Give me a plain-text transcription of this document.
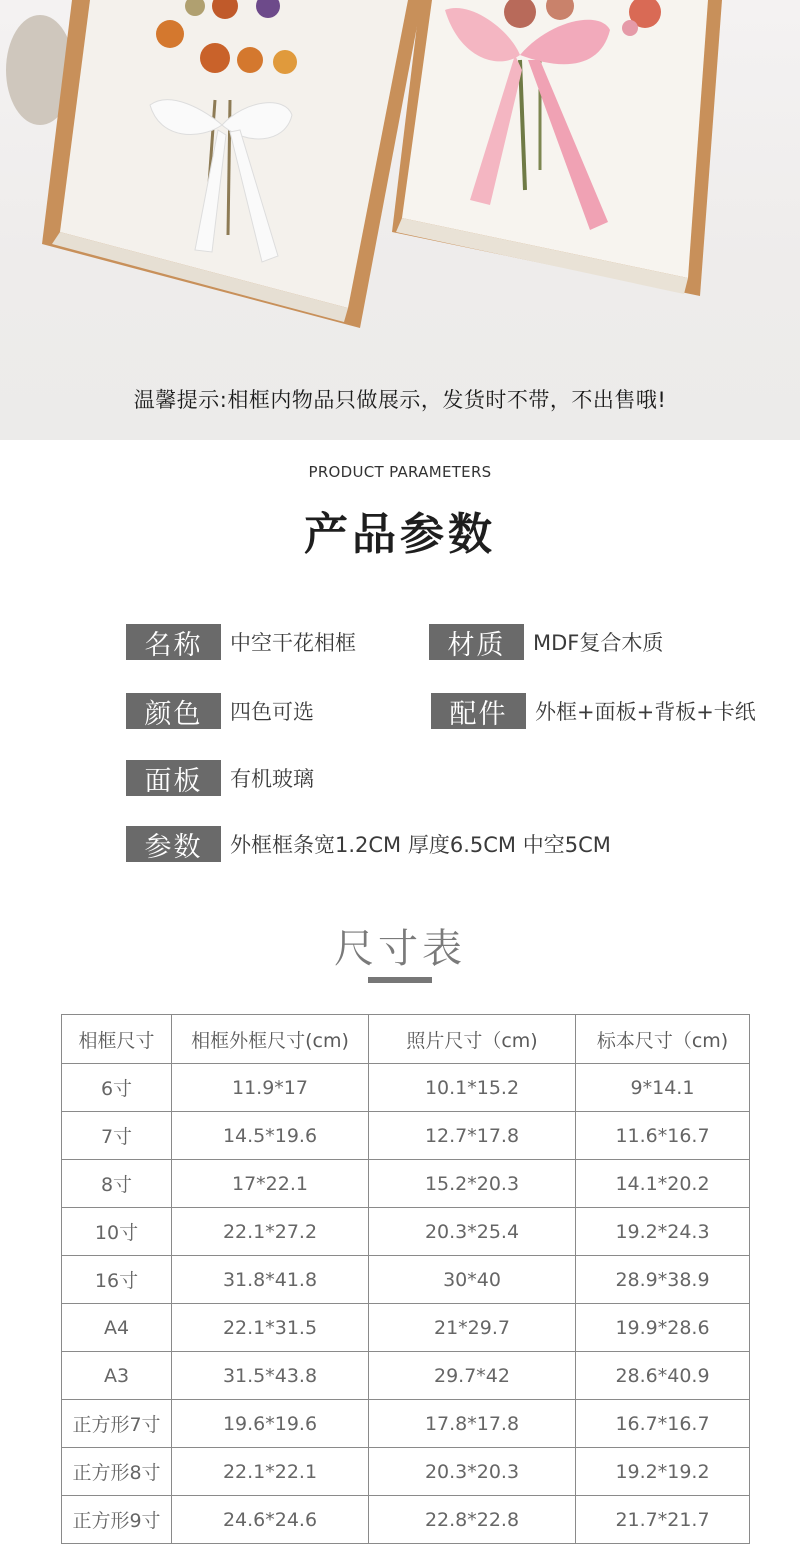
温馨提示:相框内物品只做展示，发货时不带，不出售哦!
PRODUCT PARAMETERS
产品参数
名称	中空干花相框	材质	MDF复合木质
颜色	四色可选	配件	外框+面板+背板+卡纸
面板	有机玻璃
参数	外框框条宽1.2CM 厚度6.5CM 中空5CM
尺寸表
相框尺寸	相框外框尺寸(cm)	照片尺寸（cm)	标本尺寸（cm)
6寸	11.9*17	10.1*15.2	9*14.1
7寸	14.5*19.6	12.7*17.8	11.6*16.7
8寸	17*22.1	15.2*20.3	14.1*20.2
10寸	22.1*27.2	20.3*25.4	19.2*24.3
16寸	31.8*41.8	30*40	28.9*38.9
A4	22.1*31.5	21*29.7	19.9*28.6
A3	31.5*43.8	29.7*42	28.6*40.9
正方形7寸	19.6*19.6	17.8*17.8	16.7*16.7
正方形8寸	22.1*22.1	20.3*20.3	19.2*19.2
正方形9寸	24.6*24.6	22.8*22.8	21.7*21.7
